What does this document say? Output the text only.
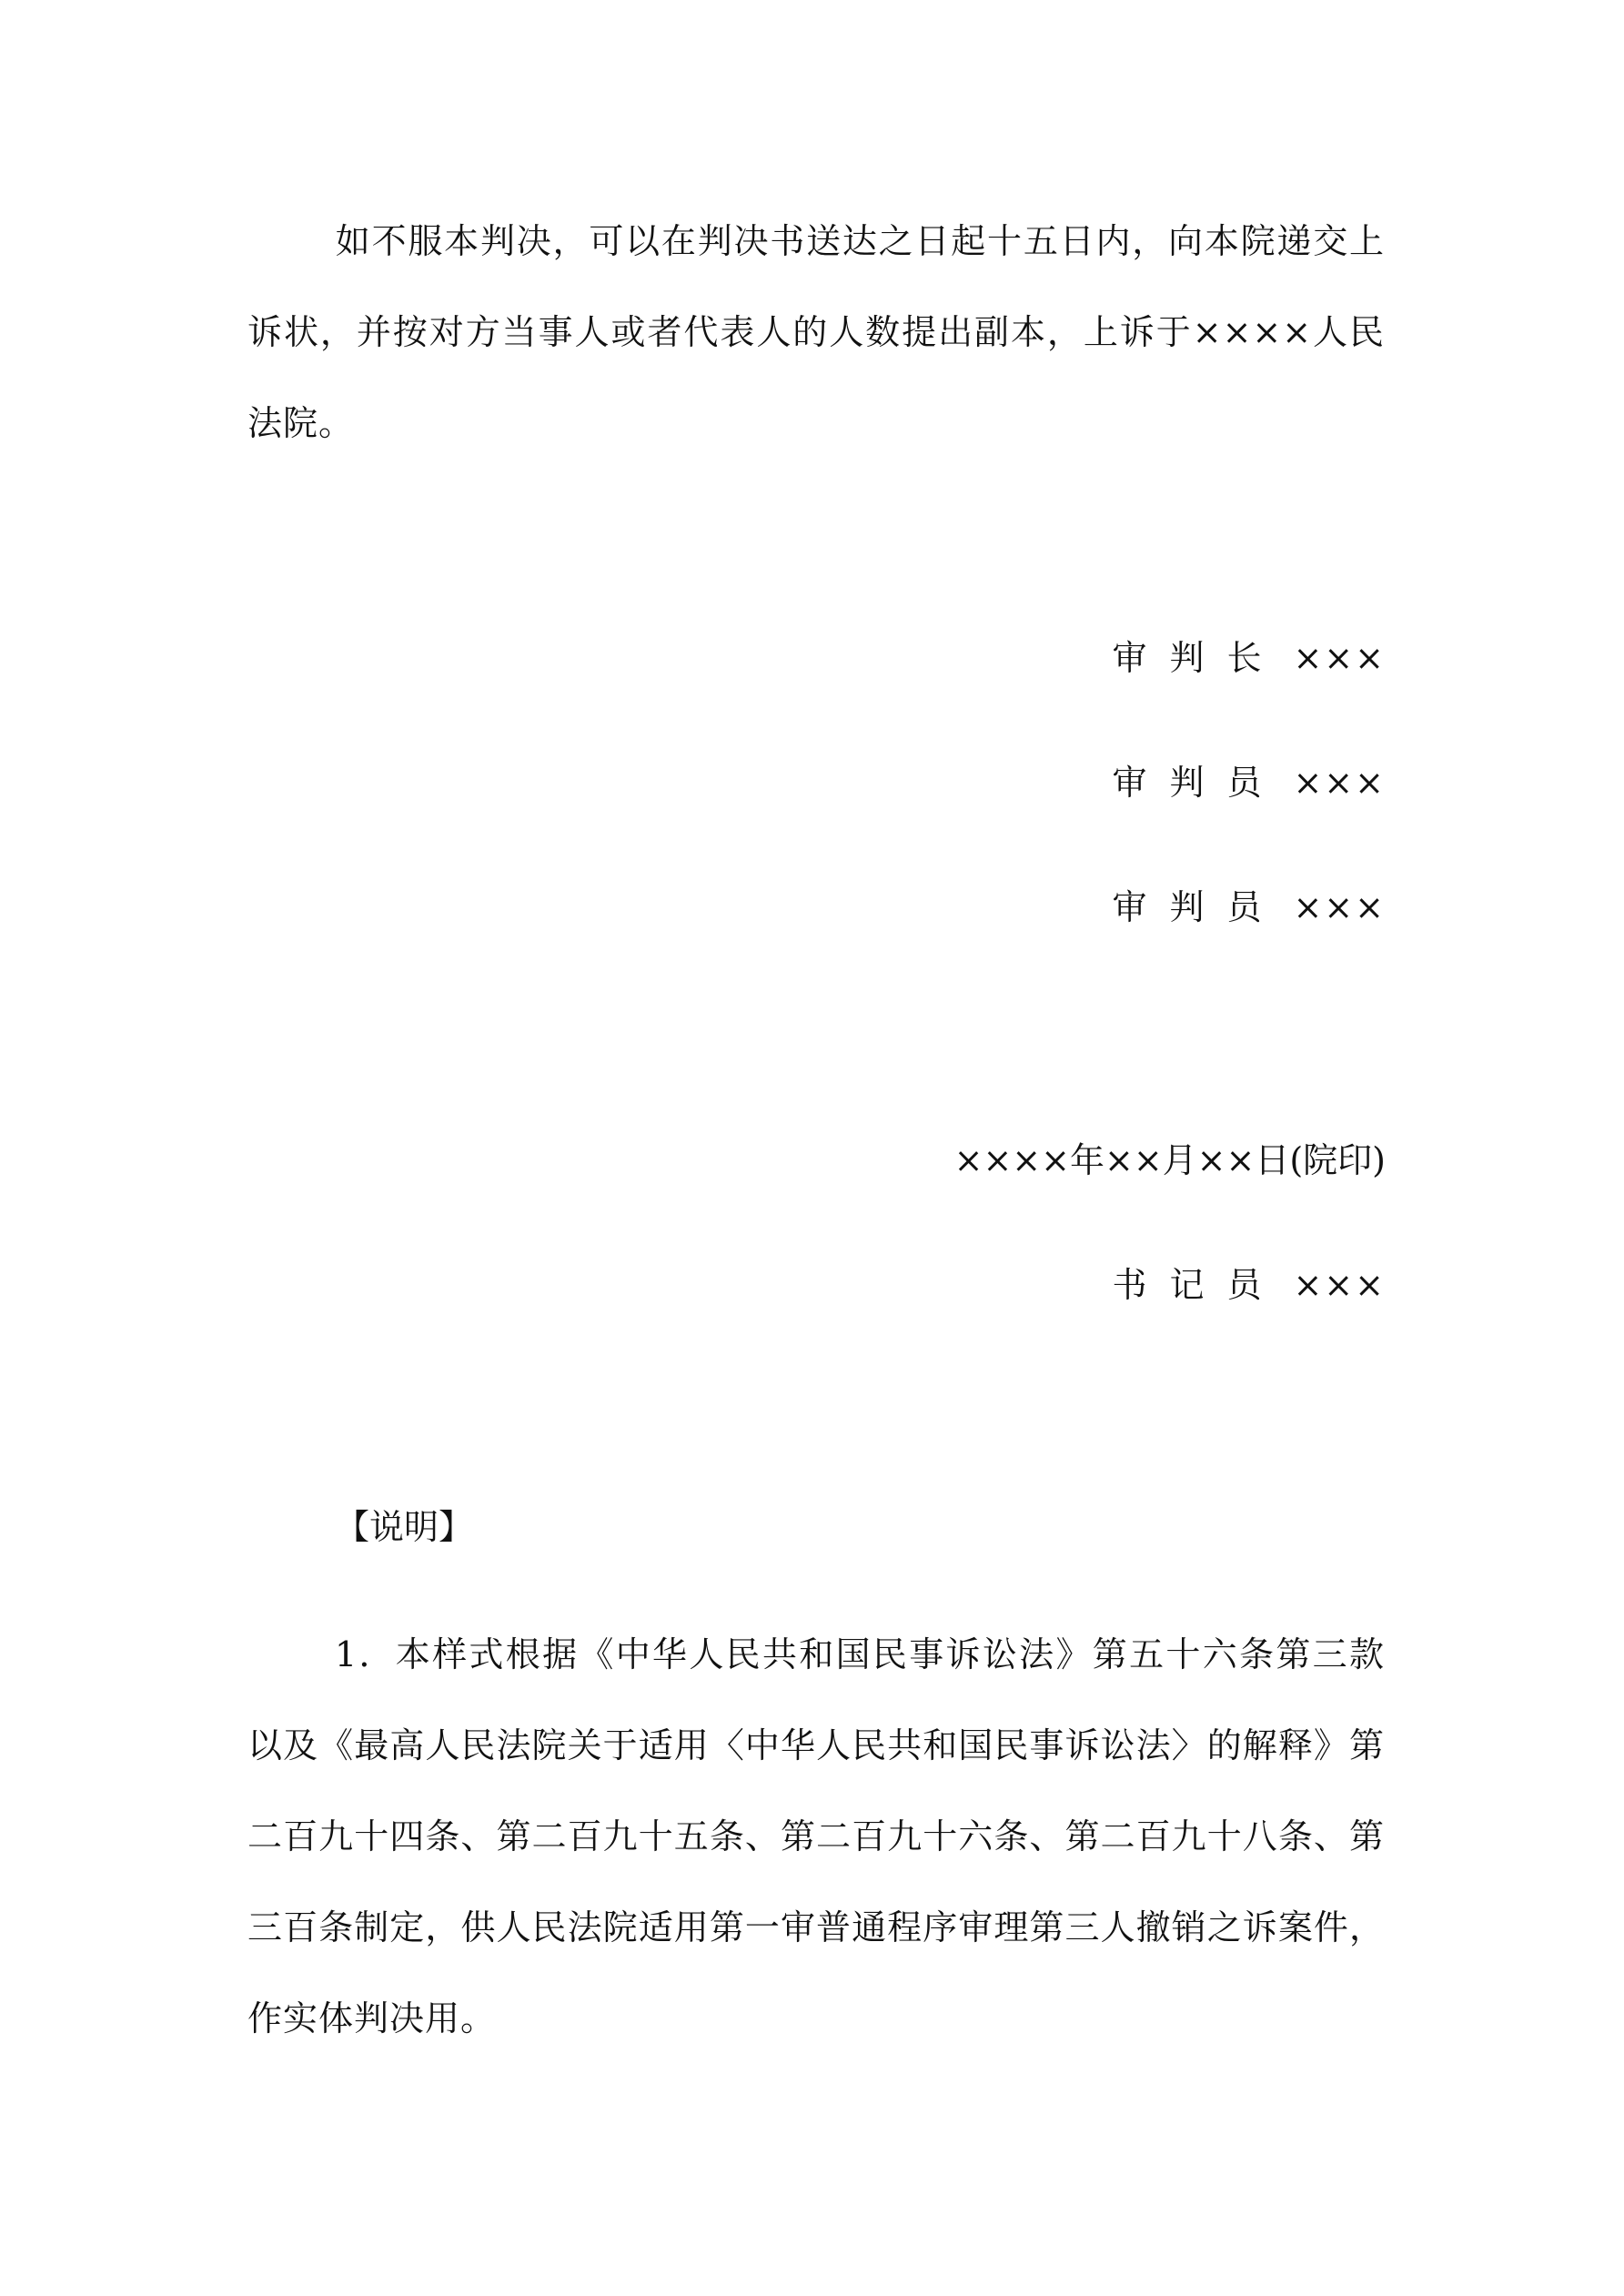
如不服本判决，可以在判决书送达之日起十五日内，向本院递交上诉状，并按对方当事人或者代表人的人数提出副本，上诉于××××人民法院。

审判长 ×××
审判员 ×××
审判员 ×××
××××年××月××日(院印)
书记员 ×××

【说明】

1．本样式根据《中华人民共和国民事诉讼法》第五十六条第三款以及《最高人民法院关于适用〈中华人民共和国民事诉讼法〉的解释》第二百九十四条、第二百九十五条、第二百九十六条、第二百九十八条、第三百条制定，供人民法院适用第一审普通程序审理第三人撤销之诉案件，作实体判决用。
